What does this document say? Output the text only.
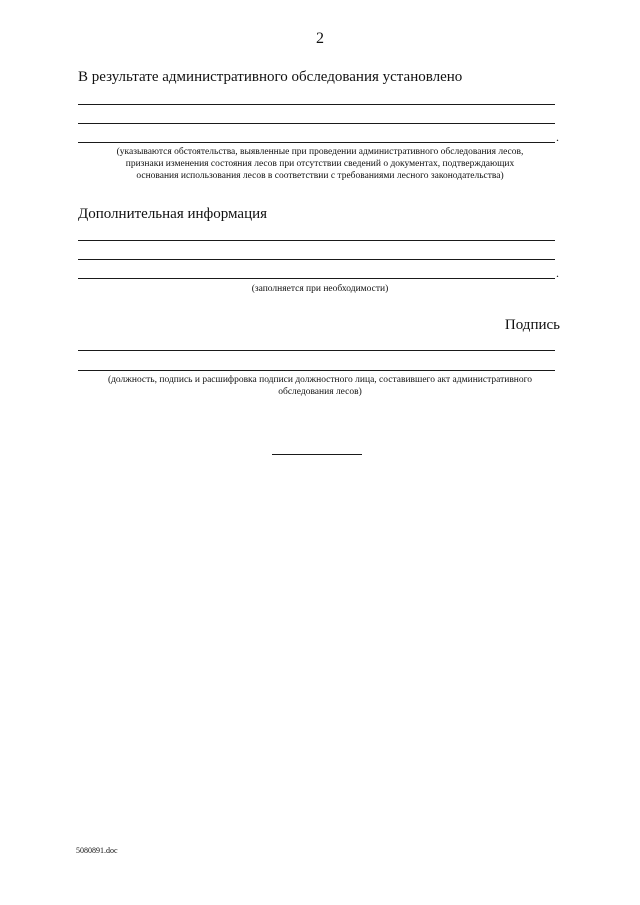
2
В результате административного обследования установлено
.
(указываются обстоятельства, выявленные при проведении административного обследования лесов,
признаки изменения состояния лесов при отсутствии сведений о документах, подтверждающих
основания использования лесов в соответствии с требованиями лесного законодательства)
Дополнительная информация
.
(заполняется при необходимости)
Подпись
(должность, подпись и расшифровка подписи должностного лица, составившего акт административного
обследования лесов)
5080891.doc
